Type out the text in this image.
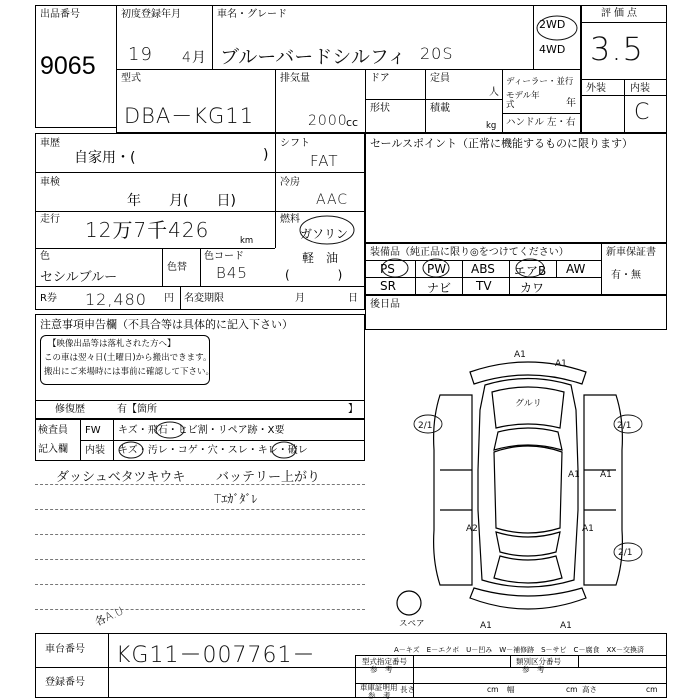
出品番号
9065
初度登録年月
19 4月
車名・グレード
ブルーバードシルフィ 20S
2WD
4WD
評価点
3.5
外装 内装
C
型式
DBA－KG11
排気量
2000
cc
ドア	定員
人
形状	積載
kg
ディーラー・並行
モデル年式	年
ハンドル 左・右
車歴
自家用・(	)
シフト
FAT
車検
年　　月(　　日)
冷房
AAC
走行 12万7千426	km
燃料
ガソリン
軽　油
(　　　　)
色
セシルブルー
色替
色コード
B45
R券 12,480 円 名変期限	月	日
セールスポイント（正常に機能するものに限ります）
装備品（純正品に限り◎をつけてください）	新車保証書
有・無
PS	PW ABS エアB AW
SR	ナビ TV カワ
後日品
注意事項申告欄（不具合等は具体的に記入下さい）
【映像出品等は落札された方へ】
この車は翌々日(土曜日)から搬出できます。
搬出にご来場時には事前に確認して下さい。
修復歴	有【箇所	】
検査員
記入欄
FW キズ・飛石・ヒビ割・リペア跡・X要
内装 キズ・汚レ・コゲ・穴・スレ・キレ・破レ
ダッシュベタツキウキ バッテリー上がり
Tｴｶﾞﾀﾞﾚ
各A.U
A1
A1
グルリ
2/1	2/1
A1 A1
A2	A1
2/1
A1	A1
スペア
A－キズ　E－エクボ　U－凹み　W－補修跡　S－サビ　C－腐食　XX－交換済
車台番号 KG11－007761－
登録番号
型式指定番号
参　考
類別区分番号
参　考
車庫証明用
参　考
長さ	cm 幅	cm 高さ	cm
